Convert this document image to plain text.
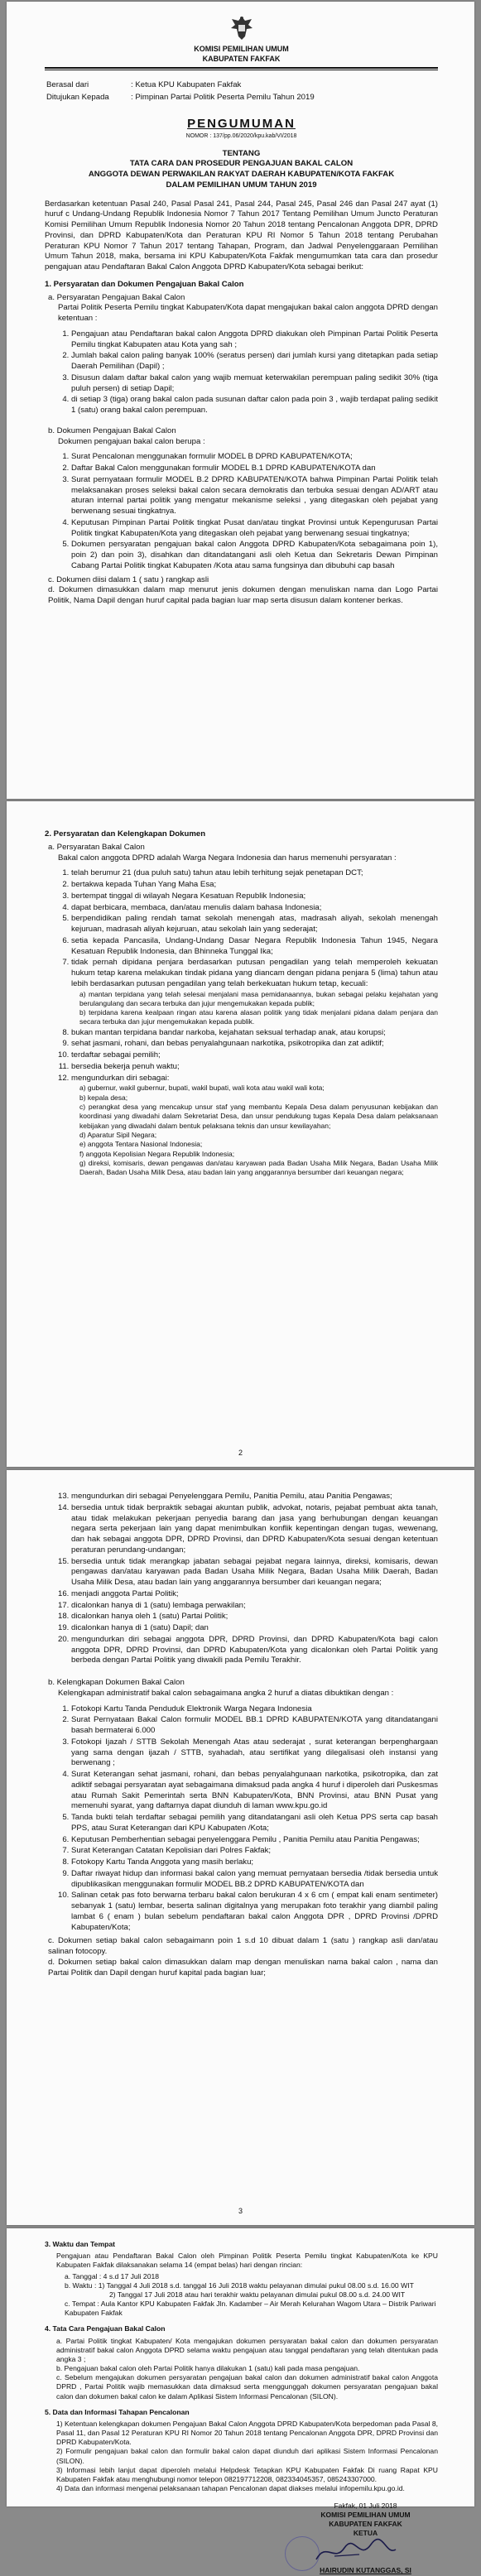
KOMISI PEMILIHAN UMUM
KABUPATEN FAKFAK
Berasal dari	: Ketua KPU Kabupaten Fakfak
Ditujukan Kepada	: Pimpinan Partai Politik Peserta Pemilu Tahun 2019
PENGUMUMAN
NOMOR : 137/pp.06/2020/kpu.kab/VI/2018
TENTANG
TATA CARA DAN PROSEDUR PENGAJUAN BAKAL CALON
ANGGOTA DEWAN PERWAKILAN RAKYAT DAERAH KABUPATEN/KOTA FAKFAK
DALAM PEMILIHAN UMUM TAHUN 2019

Berdasarkan ketentuan Pasal 240, Pasal Pasal 241, Pasal 244, Pasal 245, Pasal 246 dan Pasal 247 ayat (1) huruf c Undang-Undang Republik Indonesia Nomor 7 Tahun 2017 Tentang Pemilihan Umum Juncto Peraturan Komisi Pemilihan Umum Republik Indonesia Nomor 20 Tahun 2018 tentang Pencalonan Anggota DPR, DPRD Provinsi, dan DPRD Kabupaten/Kota dan Peraturan KPU RI Nomor 5 Tahun 2018 tentang Perubahan Peraturan KPU Nomor 7 Tahun 2017 tentang Tahapan, Program, dan Jadwal Penyelenggaraan Pemilihan Umum Tahun 2018, maka, bersama ini KPU Kabupaten/Kota Fakfak mengumumkan tata cara dan prosedur pengajuan atau Pendaftaran Bakal Calon Anggota DPRD Kabupaten/Kota sebagai berikut:

1. Persyaratan dan Dokumen Pengajuan Bakal Calon
a. Persyaratan Pengajuan Bakal Calon

Partai Politik Peserta Pemilu tingkat Kabupaten/Kota dapat mengajukan bakal calon anggota DPRD dengan ketentuan :

1. Pengajuan atau Pendaftaran bakal calon Anggota DPRD diakukan oleh Pimpinan Partai Politik Peserta Pemilu tingkat Kabupaten atau Kota yang sah ;
2. Jumlah bakal calon paling banyak 100% (seratus persen) dari jumlah kursi yang ditetapkan pada setiap Daerah Pemilihan (Dapil) ;
3. Disusun dalam daftar bakal calon yang wajib memuat keterwakilan perempuan paling sedikit 30% (tiga puluh persen) di setiap Dapil;
4. di setiap 3 (tiga) orang bakal calon pada susunan daftar calon pada poin 3 , wajib terdapat paling sedikit 1 (satu) orang bakal calon perempuan.
b. Dokumen Pengajuan Bakal Calon

Dokumen pengajuan bakal calon berupa :

1. Surat Pencalonan menggunakan formulir MODEL B DPRD KABUPATEN/KOTA;
2. Daftar Bakal Calon menggunakan formulir MODEL B.1 DPRD KABUPATEN/KOTA dan
3. Surat pernyataan formulir MODEL B.2 DPRD KABUPATEN/KOTA bahwa Pimpinan Partai Politik telah melaksanakan proses seleksi bakal calon secara demokratis dan terbuka sesuai dengan AD/ART atau aturan internal partai politik yang mengatur mekanisme seleksi , yang ditegaskan oleh pejabat yang berwenang sesuai tingkatnya.
4. Keputusan Pimpinan Partai Politik tingkat Pusat dan/atau tingkat Provinsi untuk Kepengurusan Partai Politik tingkat Kabupaten/Kota yang ditegaskan oleh pejabat yang berwenang sesuai tingkatnya;
5. Dokumen persyaratan pengajuan bakal calon Anggota DPRD Kabupaten/Kota sebagaimana poin 1), poin 2) dan poin 3), disahkan dan ditandatangani asli oleh Ketua dan Sekretaris Dewan Pimpinan Cabang Partai Politik tingkat Kabupaten /Kota atau sama fungsinya dan dibubuhi cap basah
c. Dokumen diisi dalam 1 ( satu ) rangkap asli
d. Dokumen dimasukkan dalam map menurut jenis dokumen dengan menuliskan nama dan Logo Partai Politik, Nama Dapil dengan huruf capital pada bagian luar map serta disusun dalam kontener berkas.
2. Persyaratan dan Kelengkapan Dokumen
a. Persyaratan Bakal Calon

Bakal calon anggota DPRD adalah Warga Negara Indonesia dan harus memenuhi persyaratan :

1. telah berumur 21 (dua puluh satu) tahun atau lebih terhitung sejak penetapan DCT;
2. bertakwa kepada Tuhan Yang Maha Esa;
3. bertempat tinggal di wilayah Negara Kesatuan Republik Indonesia;
4. dapat berbicara, membaca, dan/atau menulis dalam bahasa Indonesia;
5. berpendidikan paling rendah tamat sekolah menengah atas, madrasah aliyah, sekolah menengah kejuruan, madrasah aliyah kejuruan, atau sekolah lain yang sederajat;
6. setia kepada Pancasila, Undang-Undang Dasar Negara Republik Indonesia Tahun 1945, Negara Kesatuan Republik Indonesia, dan Bhinneka Tunggal Ika;
7. tidak pernah dipidana penjara berdasarkan putusan pengadilan yang telah memperoleh kekuatan hukum tetap karena melakukan tindak pidana yang diancam dengan pidana penjara 5 (lima) tahun atau lebih berdasarkan putusan pengadilan yang telah berkekuatan hukum tetap, kecuali:
a) mantan terpidana yang telah selesai menjalani masa pemidanaannya, bukan sebagai pelaku kejahatan yang berulangulang dan secara terbuka dan jujur mengemukakan kepada publik;
b) terpidana karena kealpaan ringan atau karena alasan politik yang tidak menjalani pidana dalam penjara dan secara terbuka dan jujur mengemukakan kepada publik.
8. bukan mantan terpidana bandar narkoba, kejahatan seksual terhadap anak, atau korupsi;
9. sehat jasmani, rohani, dan bebas penyalahgunaan narkotika, psikotropika dan zat adiktif;
10. terdaftar sebagai pemilih;
11. bersedia bekerja penuh waktu;
12. mengundurkan diri sebagai:
a) gubernur, wakil gubernur, bupati, wakil bupati, wali kota atau wakil wali kota;
b) kepala desa;
c) perangkat desa yang mencakup unsur staf yang membantu Kepala Desa dalam penyusunan kebijakan dan koordinasi yang diwadahi dalam Sekretariat Desa, dan unsur pendukung tugas Kepala Desa dalam pelaksanaan kebijakan yang diwadahi dalam bentuk pelaksana teknis dan unsur kewilayahan;
d) Aparatur Sipil Negara;
e) anggota Tentara Nasional Indonesia;
f) anggota Kepolisian Negara Republik Indonesia;
g) direksi, komisaris, dewan pengawas dan/atau karyawan pada Badan Usaha Milik Negara, Badan Usaha Milik Daerah, Badan Usaha Milik Desa, atau badan lain yang anggarannya bersumber dari keuangan negara;
2
13. mengundurkan diri sebagai Penyelenggara Pemilu, Panitia Pemilu, atau Panitia Pengawas;
14. bersedia untuk tidak berpraktik sebagai akuntan publik, advokat, notaris, pejabat pembuat akta tanah, atau tidak melakukan pekerjaan penyedia barang dan jasa yang berhubungan dengan keuangan negara serta pekerjaan lain yang dapat menimbulkan konflik kepentingan dengan tugas, wewenang, dan hak sebagai anggota DPR, DPRD Provinsi, dan DPRD Kabupaten/Kota sesuai dengan ketentuan peraturan perundang-undangan;
15. bersedia untuk tidak merangkap jabatan sebagai pejabat negara lainnya, direksi, komisaris, dewan pengawas dan/atau karyawan pada Badan Usaha Milik Negara, Badan Usaha Milik Daerah, Badan Usaha Milik Desa, atau badan lain yang anggarannya bersumber dari keuangan negara;
16. menjadi anggota Partai Politik;
17. dicalonkan hanya di 1 (satu) lembaga perwakilan;
18. dicalonkan hanya oleh 1 (satu) Partai Politik;
19. dicalonkan hanya di 1 (satu) Dapil; dan
20. mengundurkan diri sebagai anggota DPR, DPRD Provinsi, dan DPRD Kabupaten/Kota bagi calon anggota DPR, DPRD Provinsi, dan DPRD Kabupaten/Kota yang dicalonkan oleh Partai Politik yang berbeda dengan Partai Politik yang diwakili pada Pemilu Terakhir.
b. Kelengkapan Dokumen Bakal Calon

Kelengkapan administratif bakal calon sebagaimana angka 2 huruf a diatas dibuktikan dengan :

1. Fotokopi Kartu Tanda Penduduk Elektronik Warga Negara Indonesia
2. Surat Pernyataan Bakal Calon formulir MODEL BB.1 DPRD KABUPATEN/KOTA yang ditandatangani basah bermaterai 6.000
3. Fotokopi Ijazah / STTB Sekolah Menengah Atas atau sederajat , surat keterangan berpenghargaan yang sama dengan ijazah / STTB, syahadah, atau sertifikat yang dilegalisasi oleh instansi yang berwenang ;
4. Surat Keterangan sehat jasmani, rohani, dan bebas penyalahgunaan narkotika, psikotropika, dan zat adiktif sebagai persyaratan ayat sebagaimana dimaksud pada angka 4 huruf i diperoleh dari Puskesmas atau Rumah Sakit Pemerintah serta BNN Kabupaten/Kota, BNN Provinsi, atau BNN Pusat yang memenuhi syarat, yang daftarnya dapat diunduh di laman www.kpu.go.id
5. Tanda bukti telah terdaftar sebagai pemilih yang ditandatangani asli oleh Ketua PPS serta cap basah PPS, atau Surat Keterangan dari KPU Kabupaten /Kota;
6. Keputusan Pemberhentian sebagai penyelenggara Pemilu , Panitia Pemilu atau Panitia Pengawas;
7. Surat Keterangan Catatan Kepolisian dari Polres Fakfak;
8. Fotokopy Kartu Tanda Anggota yang masih berlaku;
9. Daftar riwayat hidup dan informasi bakal calon yang memuat pernyataan bersedia /tidak bersedia untuk dipublikasikan menggunakan formulir MODEL BB.2 DPRD KABUPATEN/KOTA dan
10. Salinan cetak pas foto berwarna terbaru bakal calon berukuran 4 x 6 cm ( empat kali enam sentimeter) sebanyak 1 (satu) lembar, beserta salinan digitalnya yang merupakan foto terakhir yang diambil paling lambat 6 ( enam ) bulan sebelum pendaftaran bakal calon Anggota DPR , DPRD Provinsi /DPRD Kabupaten/Kota;
c. Dokumen setiap bakal calon sebagaimann poin 1 s.d 10 dibuat dalam 1 (satu ) rangkap asli dan/atau salinan fotocopy.
d. Dokumen setiap bakal calon dimasukkan dalam map dengan menuliskan nama bakal calon , nama dan Partai Politik dan Dapil dengan huruf kapital pada bagian luar;
3
3. Waktu dan Tempat

Pengajuan atau Pendaftaran Bakal Calon oleh Pimpinan Politik Peserta Pemilu tingkat Kabupaten/Kota ke KPU Kabupaten Fakfak dilaksanakan selama 14 (empat belas) hari dengan rincian:

a. Tanggal : 4 s.d 17 Juli 2018
b. Waktu : 1) Tanggal 4 Juli 2018 s.d. tanggal 16 Juli 2018 waktu pelayanan dimulai pukul 08.00 s.d. 16.00 WIT
2) Tanggal 17 Juli 2018 atau hari terakhir waktu pelayanan dimulai pukul 08.00 s.d. 24.00 WIT
c. Tempat : Aula Kantor KPU Kabupaten Fakfak Jln. Kadamber – Air Merah Kelurahan Wagom Utara – Distrik Pariwari Kabupaten Fakfak
4. Tata Cara Pengajuan Bakal Calon
a. Partai Politik tingkat Kabupaten/ Kota mengajukan dokumen persyaratan bakal calon dan dokumen persyaratan administratif bakal calon Anggota DPRD selama waktu pengajuan atau tanggal pendaftaran yang telah ditentukan pada angka 3 ;
b. Pengajuan bakal calon oleh Partai Politik hanya dilakukan 1 (satu) kali pada masa pengajuan.
c. Sebelum mengajukan dokumen persyaratan pengajuan bakal calon dan dokumen administratif bakal calon Anggota DPRD , Partai Politik wajib memasukkan data dimaksud serta menggunggah dokumen persyaratan pengajuan bakal calon dan dokumen bakal calon ke dalam Aplikasi Sistem Informasi Pencalonan (SILON).
5. Data dan Informasi Tahapan Pencalonan
1) Ketentuan kelengkapan dokumen Pengajuan Bakal Calon Anggota DPRD Kabupaten/Kota berpedoman pada Pasal 8, Pasal 11, dan Pasal 12 Peraturan KPU RI Nomor 20 Tahun 2018 tentang Pencalonan Anggota DPR, DPRD Provinsi dan DPRD Kabupaten/Kota.
2) Formulir pengajuan bakal calon dan formulir bakal calon dapat diunduh dari aplikasi Sistem Informasi Pencalonan (SILON).
3) Informasi lebih lanjut dapat diperoleh melalui Helpdesk Tetapkan KPU Kabupaten Fakfak Di ruang Rapat KPU Kabupaten Fakfak atau menghubungi nomor telepon 082197712208, 082334045357, 085243307000.
4) Data dan informasi mengenai pelaksanaan tahapan Pencalonan dapat diakses melalui infopemilu.kpu.go.id.
Fakfak, 01 Juli 2018
KOMISI PEMILIHAN UMUM
KABUPATEN FAKFAK
KETUA
HAIRUDIN KUTANGGAS, SI
